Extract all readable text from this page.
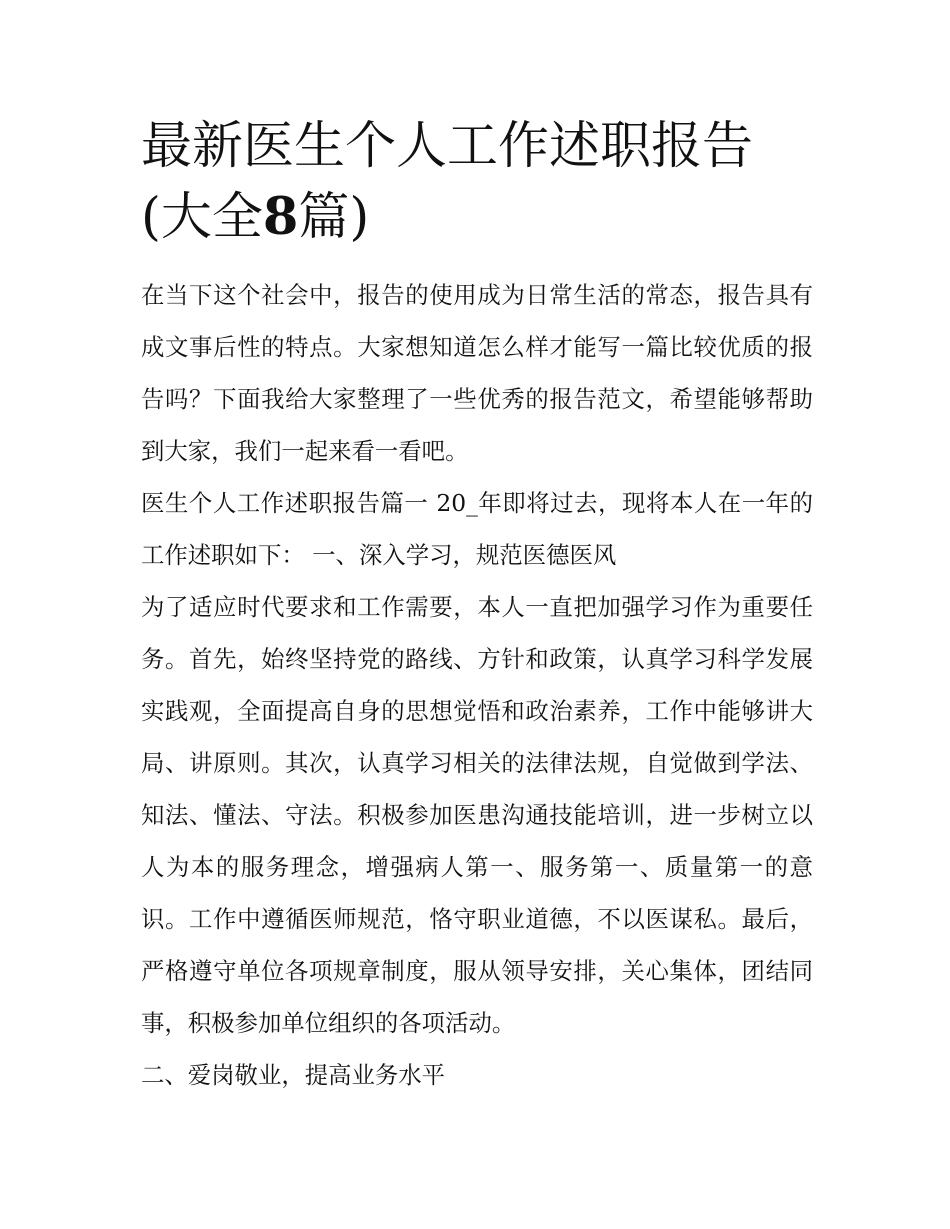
最新医生个人工作述职报告(大全8篇)

在当下这个社会中，报告的使用成为日常生活的常态，报告具有成文事后性的特点。大家想知道怎么样才能写一篇比较优质的报告吗？下面我给大家整理了一些优秀的报告范文，希望能够帮助到大家，我们一起来看一看吧。

医生个人工作述职报告篇一 20_年即将过去，现将本人在一年的工作述职如下： 一、深入学习，规范医德医风

为了适应时代要求和工作需要，本人一直把加强学习作为重要任务。首先，始终坚持党的路线、方针和政策，认真学习科学发展实践观，全面提高自身的思想觉悟和政治素养，工作中能够讲大局、讲原则。其次，认真学习相关的法律法规，自觉做到学法、知法、懂法、守法。积极参加医患沟通技能培训，进一步树立以人为本的服务理念，增强病人第一、服务第一、质量第一的意识。工作中遵循医师规范，恪守职业道德，不以医谋私。最后，严格遵守单位各项规章制度，服从领导安排，关心集体，团结同事，积极参加单位组织的各项活动。

二、爱岗敬业，提高业务水平
